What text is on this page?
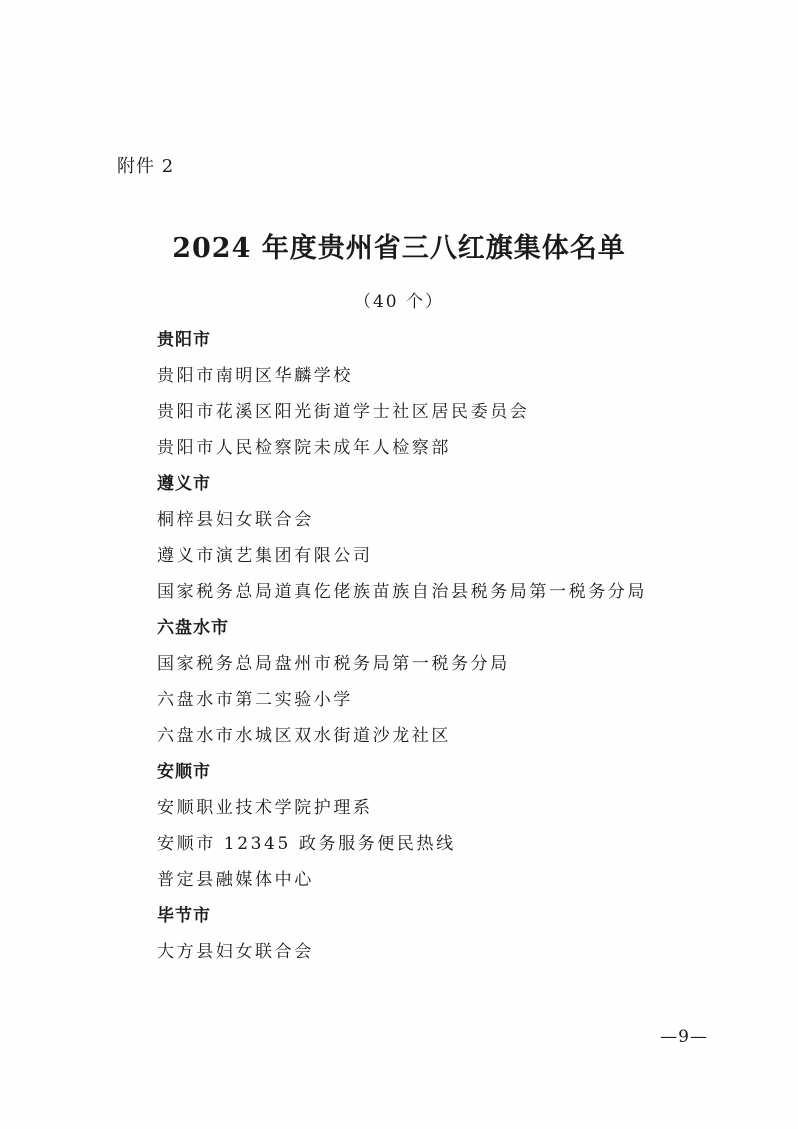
附件 2
2024 年度贵州省三八红旗集体名单
（40 个）
贵阳市
贵阳市南明区华麟学校
贵阳市花溪区阳光街道学士社区居民委员会
贵阳市人民检察院未成年人检察部
遵义市
桐梓县妇女联合会
遵义市演艺集团有限公司
国家税务总局道真仡佬族苗族自治县税务局第一税务分局
六盘水市
国家税务总局盘州市税务局第一税务分局
六盘水市第二实验小学
六盘水市水城区双水街道沙龙社区
安顺市
安顺职业技术学院护理系
安顺市 12345 政务服务便民热线
普定县融媒体中心
毕节市
大方县妇女联合会
—9—
